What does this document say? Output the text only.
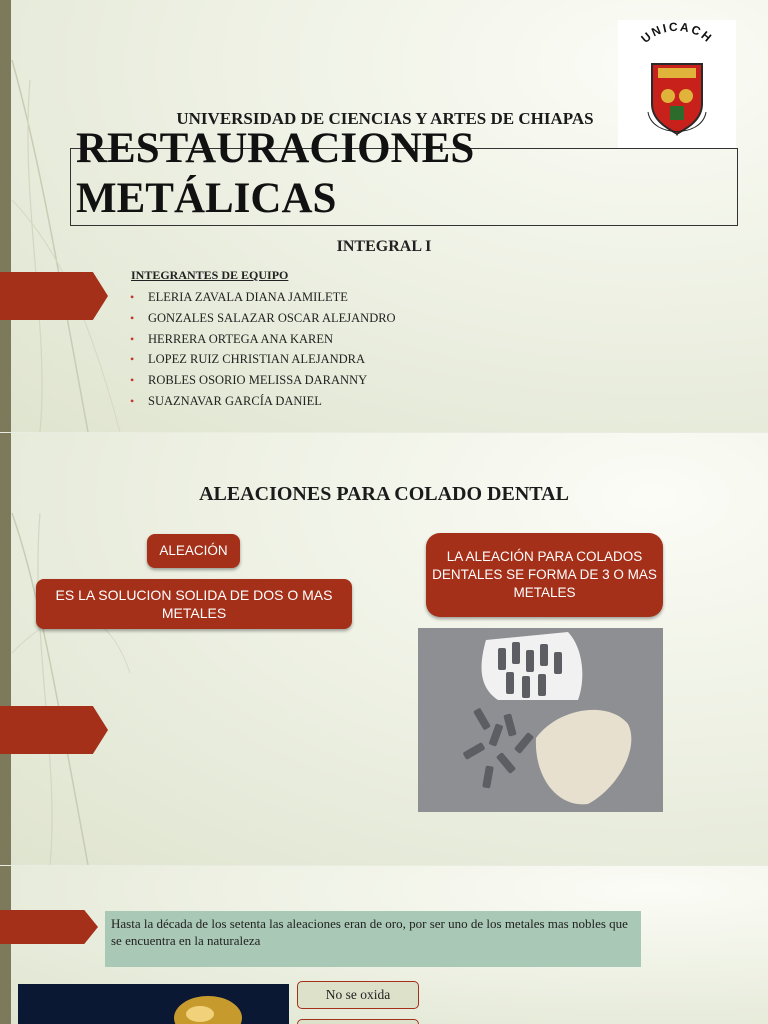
UNIVERSIDAD DE CIENCIAS Y ARTES DE CHIAPAS
RESTAURACIONES
METÁLICAS
UNICACH
INTEGRAL I
INTEGRANTES DE EQUIPO
• ELERIA ZAVALA DIANA JAMILETE
• GONZALES SALAZAR OSCAR ALEJANDRO
• HERRERA ORTEGA ANA KAREN
• LOPEZ RUIZ CHRISTIAN ALEJANDRA
• ROBLES OSORIO MELISSA DARANNY
• SUAZNAVAR GARCÍA DANIEL
ALEACIONES PARA COLADO DENTAL
ALEACIÓN
ES LA SOLUCION SOLIDA DE DOS O MAS METALES
LA ALEACIÓN PARA COLADOS DENTALES SE FORMA DE 3 O MAS METALES
Hasta la década de los setenta las aleaciones eran de oro, por ser uno de los metales mas nobles que se encuentra en la naturaleza
No se oxida
